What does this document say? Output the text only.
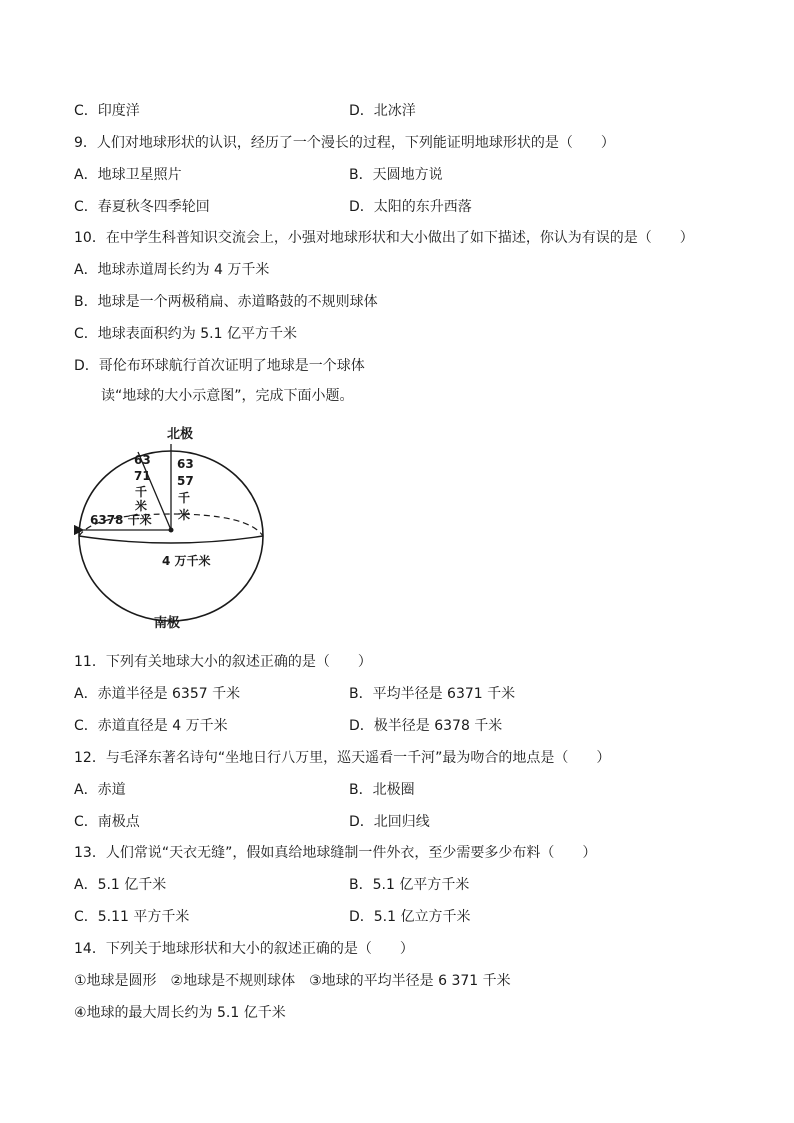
C．印度洋	D．北冰洋
9．人们对地球形状的认识，经历了一个漫长的过程，下列能证明地球形状的是（　　）
A．地球卫星照片	B．天圆地方说
C．春夏秋冬四季轮回	D．太阳的东升西落
10．在中学生科普知识交流会上，小强对地球形状和大小做出了如下描述，你认为有误的是（　　）
A．地球赤道周长约为 4 万千米
B．地球是一个两极稍扁、赤道略鼓的不规则球体
C．地球表面积约为 5.1 亿平方千米
D．哥伦布环球航行首次证明了地球是一个球体
读“地球的大小示意图”，完成下面小题。
北极
南极
63
71
千
米
63
57
千
米
6378 千米
4 万千米
11．下列有关地球大小的叙述正确的是（　　）
A．赤道半径是 6357 千米	B．平均半径是 6371 千米
C．赤道直径是 4 万千米	D．极半径是 6378 千米
12．与毛泽东著名诗句“坐地日行八万里，巡天遥看一千河”最为吻合的地点是（　　）
A．赤道	B．北极圈
C．南极点	D．北回归线
13．人们常说“天衣无缝”，假如真给地球缝制一件外衣，至少需要多少布料（　　）
A．5.1 亿千米	B．5.1 亿平方千米
C．5.11 平方千米	D．5.1 亿立方千米
14．下列关于地球形状和大小的叙述正确的是（　　）
①地球是圆形　②地球是不规则球体　③地球的平均半径是 6 371 千米
④地球的最大周长约为 5.1 亿千米
